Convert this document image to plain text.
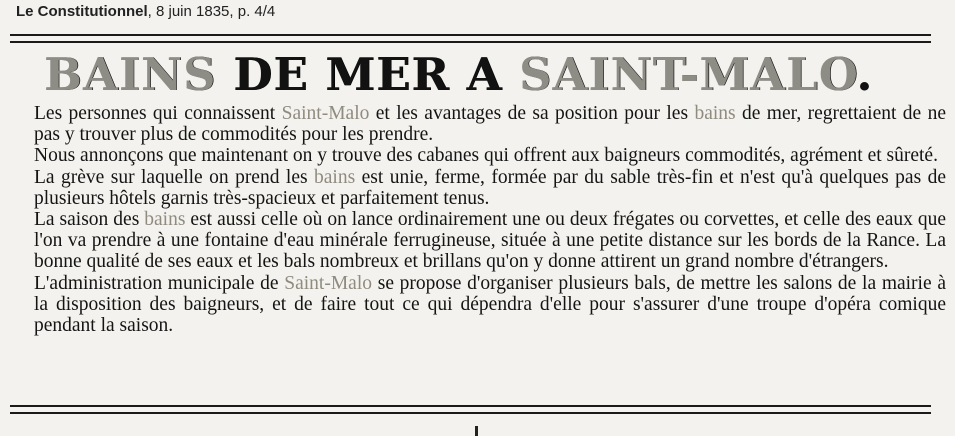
Le Constitutionnel, 8 juin 1835, p. 4/4
BAINS DE MER A SAINT-MALO.

Les personnes qui connaissent Saint-Malo et les avantages de sa position pour les bains de mer, regrettaient de ne pas y trouver plus de commodités pour les prendre.

Nous annonçons que maintenant on y trouve des cabanes qui offrent aux baigneurs commodités, agrément et sûreté.

La grève sur laquelle on prend les bains est unie, ferme, formée par du sable très-fin et n'est qu'à quelques pas de plusieurs hôtels garnis très-spacieux et parfaitement tenus.

La saison des bains est aussi celle où on lance ordinairement une ou deux frégates ou corvettes, et celle des eaux que l'on va prendre à une fontaine d'eau minérale ferrugineuse, située à une petite distance sur les bords de la Rance. La bonne qualité de ses eaux et les bals nombreux et brillans qu'on y donne attirent un grand nombre d'étrangers.

L'administration municipale de Saint-Malo se propose d'organiser plusieurs bals, de mettre les salons de la mairie à la disposition des baigneurs, et de faire tout ce qui dépendra d'elle pour s'assurer d'une troupe d'opéra comique pendant la saison.
